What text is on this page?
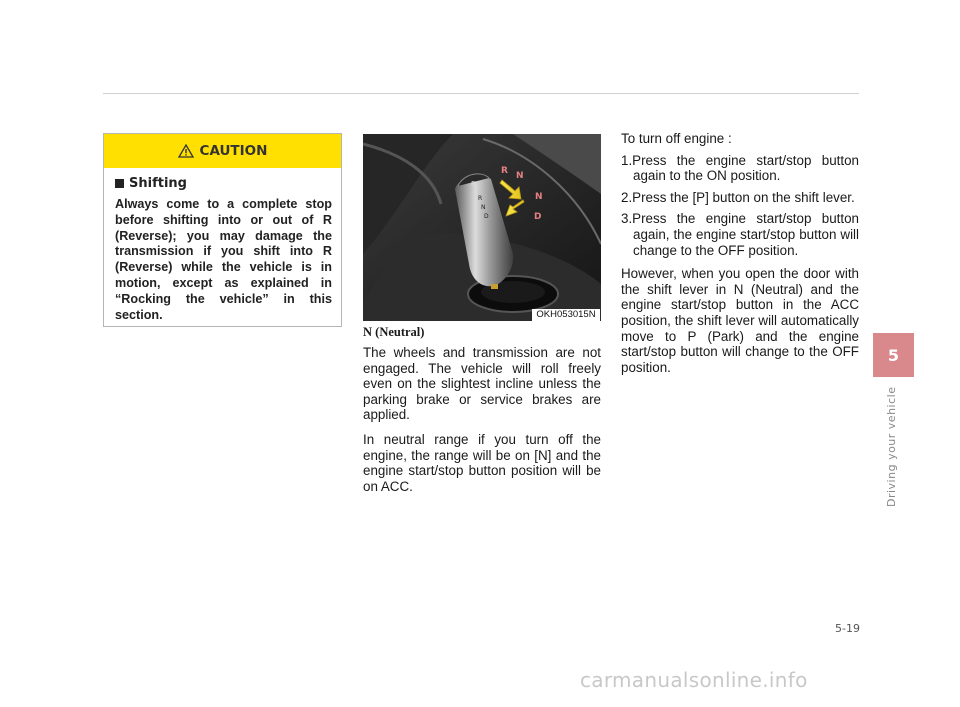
CAUTION
Shifting

Always come to a complete stop before shifting into or out of R (Reverse); you may damage the transmission if you shift into R (Reverse) while the vehicle is in motion, except as explained in “Rocking the vehicle” in this section.

P
R
N
D
R N
N
D
OKH053015N

N (Neutral)

The wheels and transmission are not engaged. The vehicle will roll freely even on the slightest incline unless the parking brake or service brakes are applied.

In neutral range if you turn off the engine, the range will be on [N] and the engine start/stop button position will be on ACC.

To turn off engine :

1.Press the engine start/stop button again to the ON position.
2.Press the [P] button on the shift lever.
3.Press the engine start/stop button again, the engine start/stop button will change to the OFF position.

However, when you open the door with the shift lever in N (Neutral) and the engine start/stop button in the ACC position, the shift lever will automatically move to P (Park) and the engine start/stop button will change to the OFF position.

5
Driving your vehicle
5-19
carmanualsonline.info
